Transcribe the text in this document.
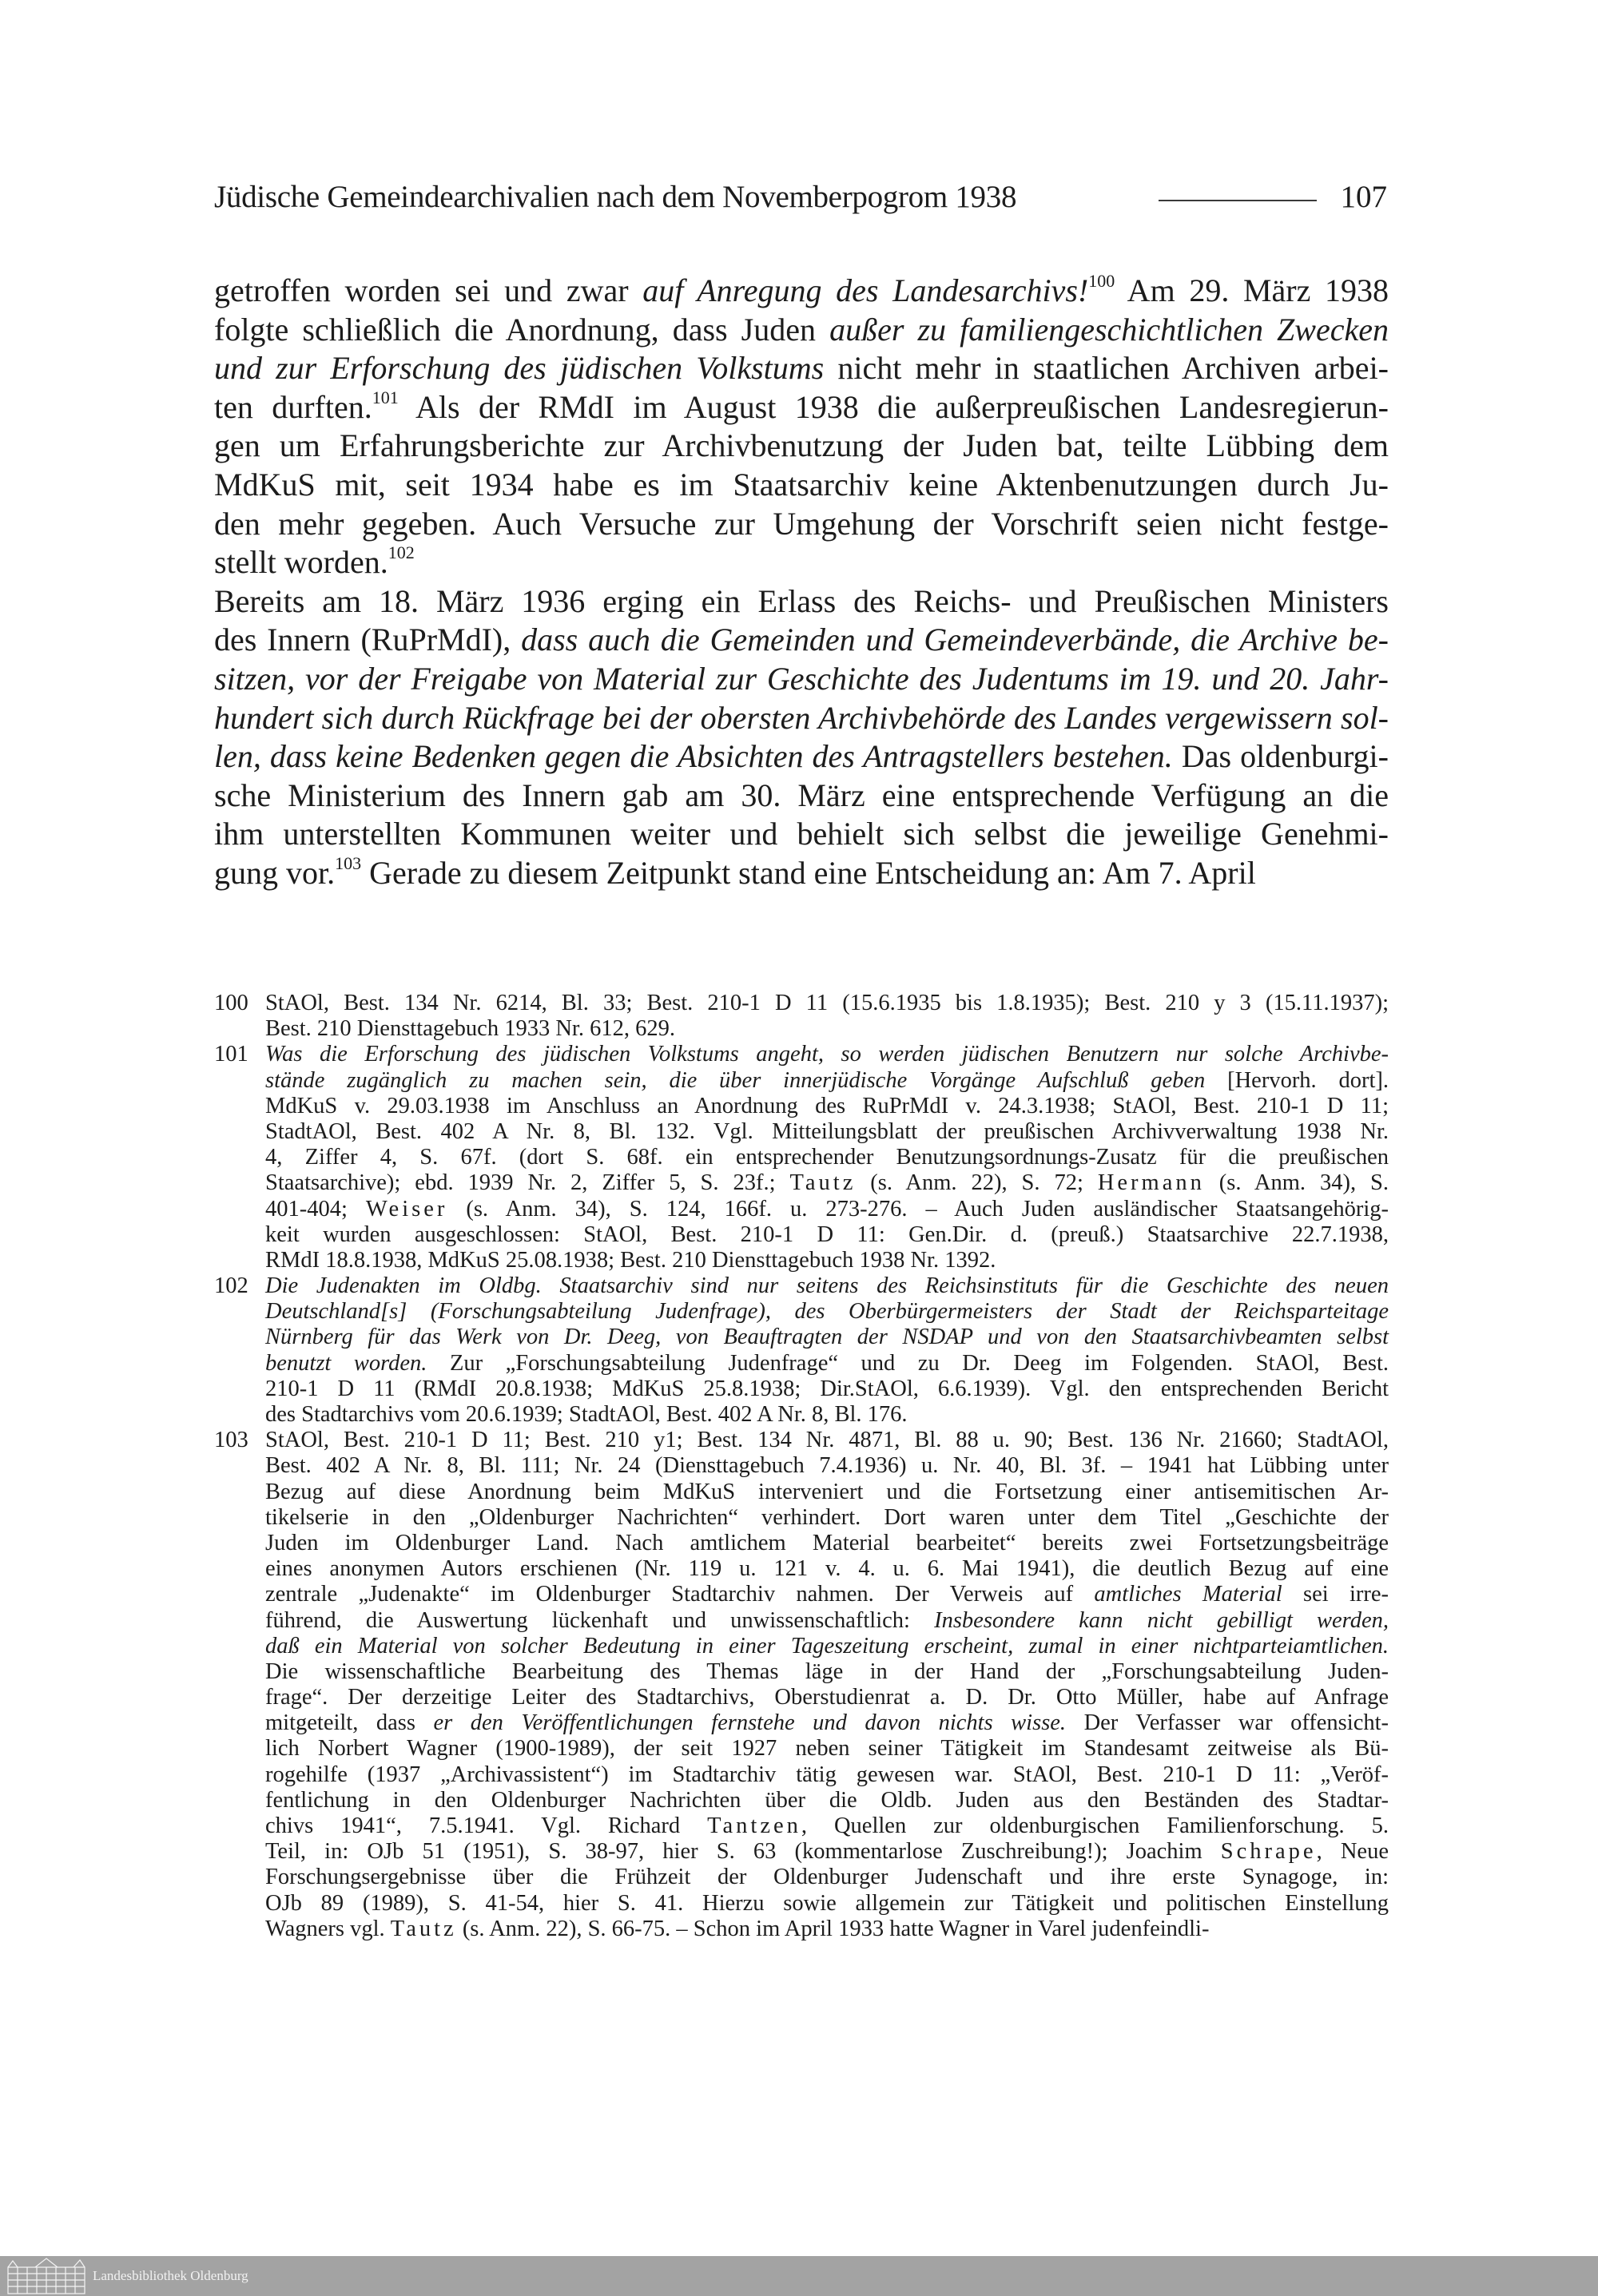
Jüdische Gemeindearchivalien nach dem Novemberpogrom 1938	107
getroffen worden sei und zwar auf Anregung des Landesarchivs!$^{100}$ Am 29. März 1938
folgte schließlich die Anordnung, dass Juden außer zu familiengeschichtlichen Zwecken
und zur Erforschung des jüdischen Volkstums nicht mehr in staatlichen Archiven arbei-
ten durften.$^{101}$ Als der RMdI im August 1938 die außerpreußischen Landesregierun-
gen um Erfahrungsberichte zur Archivbenutzung der Juden bat, teilte Lübbing dem
MdKuS mit, seit 1934 habe es im Staatsarchiv keine Aktenbenutzungen durch Ju-
den mehr gegeben. Auch Versuche zur Umgehung der Vorschrift seien nicht festge-
stellt worden.$^{102}$
Bereits am 18. März 1936 erging ein Erlass des Reichs- und Preußischen Ministers
des Innern (RuPrMdI), dass auch die Gemeinden und Gemeindeverbände, die Archive be-
sitzen, vor der Freigabe von Material zur Geschichte des Judentums im 19. und 20. Jahr-
hundert sich durch Rückfrage bei der obersten Archivbehörde des Landes vergewissern sol-
len, dass keine Bedenken gegen die Absichten des Antragstellers bestehen. Das oldenburgi-
sche Ministerium des Innern gab am 30. März eine entsprechende Verfügung an die
ihm unterstellten Kommunen weiter und behielt sich selbst die jeweilige Genehmi-
gung vor.$^{103}$ Gerade zu diesem Zeitpunkt stand eine Entscheidung an: Am 7. April
100 StAOl, Best. 134 Nr. 6214, Bl. 33; Best. 210-1 D 11 (15.6.1935 bis 1.8.1935); Best. 210 y 3 (15.11.1937);
Best. 210 Diensttagebuch 1933 Nr. 612, 629.
101 Was die Erforschung des jüdischen Volkstums angeht, so werden jüdischen Benutzern nur solche Archivbe-
stände zugänglich zu machen sein, die über innerjüdische Vorgänge Aufschluß geben [Hervorh. dort].
MdKuS v. 29.03.1938 im Anschluss an Anordnung des RuPrMdI v. 24.3.1938; StAOl, Best. 210-1 D 11;
StadtAOl, Best. 402 A Nr. 8, Bl. 132. Vgl. Mitteilungsblatt der preußischen Archivverwaltung 1938 Nr.
4, Ziffer 4, S. 67f. (dort S. 68f. ein entsprechender Benutzungsordnungs-Zusatz für die preußischen
Staatsarchive); ebd. 1939 Nr. 2, Ziffer 5, S. 23f.; Tautz (s. Anm. 22), S. 72; Hermann (s. Anm. 34), S.
401-404; Weiser (s. Anm. 34), S. 124, 166f. u. 273-276. – Auch Juden ausländischer Staatsangehörig-
keit wurden ausgeschlossen: StAOl, Best. 210-1 D 11: Gen.Dir. d. (preuß.) Staatsarchive 22.7.1938,
RMdI 18.8.1938, MdKuS 25.08.1938; Best. 210 Diensttagebuch 1938 Nr. 1392.
102 Die Judenakten im Oldbg. Staatsarchiv sind nur seitens des Reichsinstituts für die Geschichte des neuen
Deutschland[s] (Forschungsabteilung Judenfrage), des Oberbürgermeisters der Stadt der Reichsparteitage
Nürnberg für das Werk von Dr. Deeg, von Beauftragten der NSDAP und von den Staatsarchivbeamten selbst
benutzt worden. Zur „Forschungsabteilung Judenfrage“ und zu Dr. Deeg im Folgenden. StAOl, Best.
210-1 D 11 (RMdI 20.8.1938; MdKuS 25.8.1938; Dir.StAOl, 6.6.1939). Vgl. den entsprechenden Bericht
des Stadtarchivs vom 20.6.1939; StadtAOl, Best. 402 A Nr. 8, Bl. 176.
103 StAOl, Best. 210-1 D 11; Best. 210 y1; Best. 134 Nr. 4871, Bl. 88 u. 90; Best. 136 Nr. 21660; StadtAOl,
Best. 402 A Nr. 8, Bl. 111; Nr. 24 (Diensttagebuch 7.4.1936) u. Nr. 40, Bl. 3f. – 1941 hat Lübbing unter
Bezug auf diese Anordnung beim MdKuS interveniert und die Fortsetzung einer antisemitischen Ar-
tikelserie in den „Oldenburger Nachrichten“ verhindert. Dort waren unter dem Titel „Geschichte der
Juden im Oldenburger Land. Nach amtlichem Material bearbeitet“ bereits zwei Fortsetzungsbeiträge
eines anonymen Autors erschienen (Nr. 119 u. 121 v. 4. u. 6. Mai 1941), die deutlich Bezug auf eine
zentrale „Judenakte“ im Oldenburger Stadtarchiv nahmen. Der Verweis auf amtliches Material sei irre-
führend, die Auswertung lückenhaft und unwissenschaftlich: Insbesondere kann nicht gebilligt werden,
daß ein Material von solcher Bedeutung in einer Tageszeitung erscheint, zumal in einer nichtparteiamtlichen.
Die wissenschaftliche Bearbeitung des Themas läge in der Hand der „Forschungsabteilung Juden-
frage“. Der derzeitige Leiter des Stadtarchivs, Oberstudienrat a. D. Dr. Otto Müller, habe auf Anfrage
mitgeteilt, dass er den Veröffentlichungen fernstehe und davon nichts wisse. Der Verfasser war offensicht-
lich Norbert Wagner (1900-1989), der seit 1927 neben seiner Tätigkeit im Standesamt zeitweise als Bü-
rogehilfe (1937 „Archivassistent“) im Stadtarchiv tätig gewesen war. StAOl, Best. 210-1 D 11: „Veröf-
fentlichung in den Oldenburger Nachrichten über die Oldb. Juden aus den Beständen des Stadtar-
chivs 1941“, 7.5.1941. Vgl. Richard Tantzen, Quellen zur oldenburgischen Familienforschung. 5.
Teil, in: OJb 51 (1951), S. 38-97, hier S. 63 (kommentarlose Zuschreibung!); Joachim Schrape, Neue
Forschungsergebnisse über die Frühzeit der Oldenburger Judenschaft und ihre erste Synagoge, in:
OJb 89 (1989), S. 41-54, hier S. 41. Hierzu sowie allgemein zur Tätigkeit und politischen Einstellung
Wagners vgl. Tautz (s. Anm. 22), S. 66-75. – Schon im April 1933 hatte Wagner in Varel judenfeindli-
Landesbibliothek Oldenburg
